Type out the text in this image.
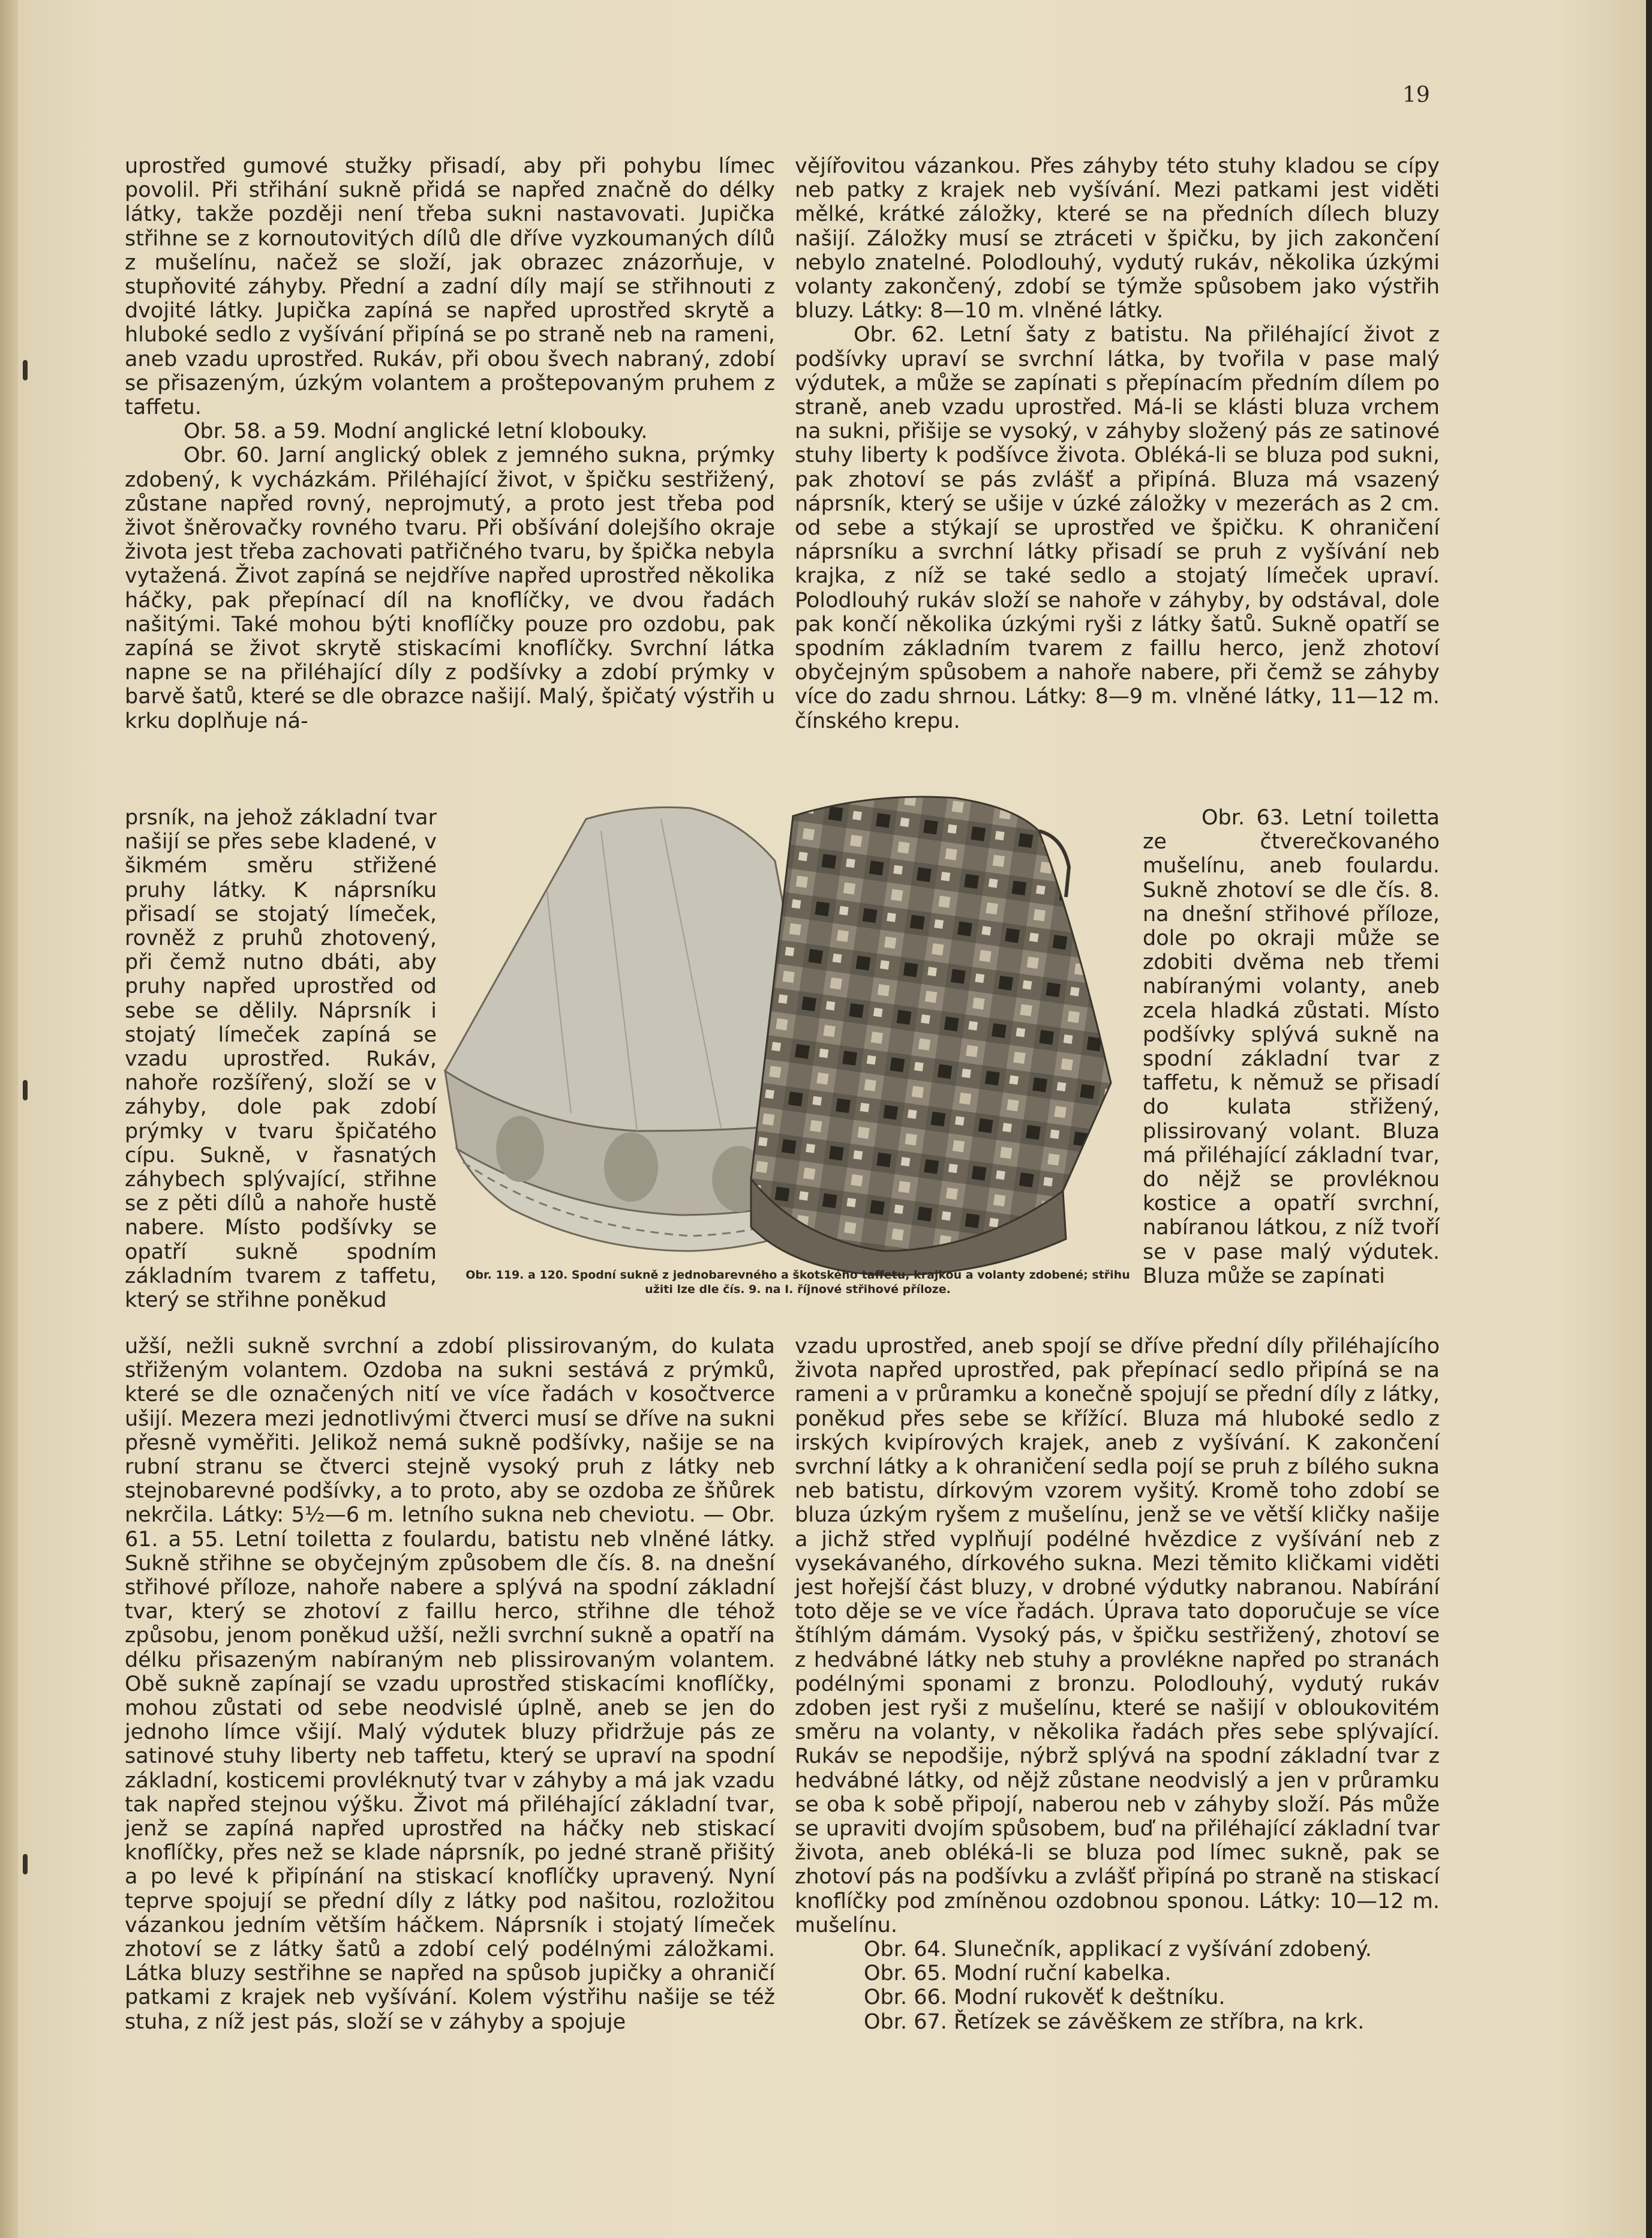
19

uprostřed gumové stužky přisadí, aby při pohybu límec povolil. Při střihání sukně přidá se napřed značně do délky látky, takže později není třeba sukni nastavovati. Jupička střihne se z kornoutovitých dílů dle dříve vyzkoumaných dílů z mušelínu, načež se složí, jak obrazec znázorňuje, v stupňovité záhyby. Přední a zadní díly mají se střihnouti z dvojité látky. Jupička zapíná se napřed uprostřed skrytě a hluboké sedlo z vyšívání připíná se po straně neb na rameni, aneb vzadu uprostřed. Rukáv, při obou švech nabraný, zdobí se přisazeným, úzkým volantem a proštepovaným pruhem z taffetu.

Obr. 58. a 59. Modní anglické letní klobouky.

Obr. 60. Jarní anglický oblek z jemného sukna, prýmky zdobený, k vycházkám. Přiléhající život, v špičku sestřižený, zůstane napřed rovný, neprojmutý, a proto jest třeba pod život šněrovačky rovného tvaru. Při obšívání dolejšího okraje života jest třeba zachovati patřičného tvaru, by špička nebyla vytažená. Život zapíná se nejdříve napřed uprostřed několika háčky, pak přepínací díl na knoflíčky, ve dvou řadách našitými. Také mohou býti knoflíčky pouze pro ozdobu, pak zapíná se život skrytě stiskacími knoflíčky. Svrchní látka napne se na přiléhající díly z podšívky a zdobí prýmky v barvě šatů, které se dle obrazce našijí. Malý, špičatý výstřih u krku doplňuje ná-

prsník, na jehož základní tvar našijí se přes sebe kladené, v šikmém směru střižené pruhy látky. K náprsníku přisadí se stojatý límeček, rovněž z pruhů zhotovený, při čemž nutno dbáti, aby pruhy napřed uprostřed od sebe se dělily. Náprsník i stojatý límeček zapíná se vzadu uprostřed. Rukáv, nahoře rozšířený, složí se v záhyby, dole pak zdobí prýmky v tvaru špičatého cípu. Sukně, v řasnatých záhybech splývající, střihne se z pěti dílů a nahoře hustě nabere. Místo podšívky se opatří sukně spodním základním tvarem z taffetu, který se střihne poněkud

užší, nežli sukně svrchní a zdobí plissirovaným, do kulata střiženým volantem. Ozdoba na sukni sestává z prýmků, které se dle označených nití ve více řadách v kosočtverce ušijí. Mezera mezi jednotlivými čtverci musí se dříve na sukni přesně vyměřiti. Jelikož nemá sukně podšívky, našije se na rubní stranu se čtverci stejně vysoký pruh z látky neb stejnobarevné podšívky, a to proto, aby se ozdoba ze šňůrek nekrčila. Látky: 5½—6 m. letního sukna neb cheviotu. — Obr. 61. a 55. Letní toiletta z foulardu, batistu neb vlněné látky. Sukně střihne se obyčejným způsobem dle čís. 8. na dnešní střihové příloze, nahoře nabere a splývá na spodní základní tvar, který se zhotoví z faillu herco, střihne dle téhož způsobu, jenom poněkud užší, nežli svrchní sukně a opatří na délku přisazeným nabíraným neb plissirovaným volantem. Obě sukně zapínají se vzadu uprostřed stiskacími knoflíčky, mohou zůstati od sebe neodvislé úplně, aneb se jen do jednoho límce všijí. Malý výdutek bluzy přidržuje pás ze satinové stuhy liberty neb taffetu, který se upraví na spodní základní, kosticemi provléknutý tvar v záhyby a má jak vzadu tak napřed stejnou výšku. Život má přiléhající základní tvar, jenž se zapíná napřed uprostřed na háčky neb stiskací knoflíčky, přes než se klade náprsník, po jedné straně přišitý a po levé k připínání na stiskací knoflíčky upravený. Nyní teprve spojují se přední díly z látky pod našitou, rozložitou vázankou jedním větším háčkem. Náprsník i stojatý límeček zhotoví se z látky šatů a zdobí celý podélnými záložkami. Látka bluzy sestřihne se napřed na spůsob jupičky a ohraničí patkami z krajek neb vyšívání. Kolem výstřihu našije se též stuha, z níž jest pás, složí se v záhyby a spojuje

vějířovitou vázankou. Přes záhyby této stuhy kladou se cípy neb patky z krajek neb vyšívání. Mezi patkami jest viděti mělké, krátké záložky, které se na předních dílech bluzy našijí. Záložky musí se ztráceti v špičku, by jich zakončení nebylo znatelné. Polodlouhý, vydutý rukáv, několika úzkými volanty zakončený, zdobí se týmže spůsobem jako výstřih bluzy. Látky: 8—10 m. vlněné látky.

Obr. 62. Letní šaty z batistu. Na přiléhající život z podšívky upraví se svrchní látka, by tvořila v pase malý výdutek, a může se zapínati s přepínacím předním dílem po straně, aneb vzadu uprostřed. Má-li se klásti bluza vrchem na sukni, přišije se vysoký, v záhyby složený pás ze satinové stuhy liberty k podšívce života. Obléká-li se bluza pod sukni, pak zhotoví se pás zvlášť a připíná. Bluza má vsazený náprsník, který se ušije v úzké záložky v mezerách as 2 cm. od sebe a stýkají se uprostřed ve špičku. K ohraničení náprsníku a svrchní látky přisadí se pruh z vyšívání neb krajka, z níž se také sedlo a stojatý límeček upraví. Polodlouhý rukáv složí se nahoře v záhyby, by odstával, dole pak končí několika úzkými ryši z látky šatů. Sukně opatří se spodním základním tvarem z faillu herco, jenž zhotoví obyčejným spůsobem a nahoře nabere, při čemž se záhyby více do zadu shrnou. Látky: 8—9 m. vlněné látky, 11—12 m. čínského krepu.

Obr. 63. Letní toiletta ze čtverečkovaného mušelínu, aneb foulardu. Sukně zhotoví se dle čís. 8. na dnešní střihové příloze, dole po okraji může se zdobiti dvěma neb třemi nabíranými volanty, aneb zcela hladká zůstati. Místo podšívky splývá sukně na spodní základní tvar z taffetu, k němuž se přisadí do kulata střižený, plissirovaný volant. Bluza má přiléhající základní tvar, do nějž se provléknou kostice a opatří svrchní, nabíranou látkou, z níž tvoří se v pase malý výdutek. Bluza může se zapínati

vzadu uprostřed, aneb spojí se dříve přední díly přiléhajícího života napřed uprostřed, pak přepínací sedlo připíná se na rameni a v průramku a konečně spojují se přední díly z látky, poněkud přes sebe se křížící. Bluza má hluboké sedlo z irských kvipírových krajek, aneb z vyšívání. K zakončení svrchní látky a k ohraničení sedla pojí se pruh z bílého sukna neb batistu, dírkovým vzorem vyšitý. Kromě toho zdobí se bluza úzkým ryšem z mušelínu, jenž se ve větší kličky našije a jichž střed vyplňují podélné hvězdice z vyšívání neb z vysekávaného, dírkového sukna. Mezi těmito kličkami viděti jest hořejší část bluzy, v drobné výdutky nabranou. Nabírání toto děje se ve více řadách. Úprava tato doporučuje se více štíhlým dámám. Vysoký pás, v špičku sestřižený, zhotoví se z hedvábné látky neb stuhy a provlékne napřed po stranách podélnými sponami z bronzu. Polodlouhý, vydutý rukáv zdoben jest ryši z mušelínu, které se našijí v obloukovitém směru na volanty, v několika řadách přes sebe splývající. Rukáv se nepodšije, nýbrž splývá na spodní základní tvar z hedvábné látky, od nějž zůstane neodvislý a jen v průramku se oba k sobě připojí, naberou neb v záhyby složí. Pás může se upraviti dvojím spůsobem, buď na přiléhající základní tvar života, aneb obléká-li se bluza pod límec sukně, pak se zhotoví pás na podšívku a zvlášť připíná po straně na stiskací knoflíčky pod zmíněnou ozdobnou sponou. Látky: 10—12 m. mušelínu.

Obr. 64. Slunečník, applikací z vyšívání zdobený.

Obr. 65. Modní ruční kabelka.

Obr. 66. Modní rukověť k deštníku.

Obr. 67. Řetízek se závěškem ze stříbra, na krk.

Obr. 119. a 120. Spodní sukně z jednobarevného a škotského taffetu, krajkou a volanty zdobené; střihu užiti lze dle čís. 9. na I. říjnové střihové příloze.
